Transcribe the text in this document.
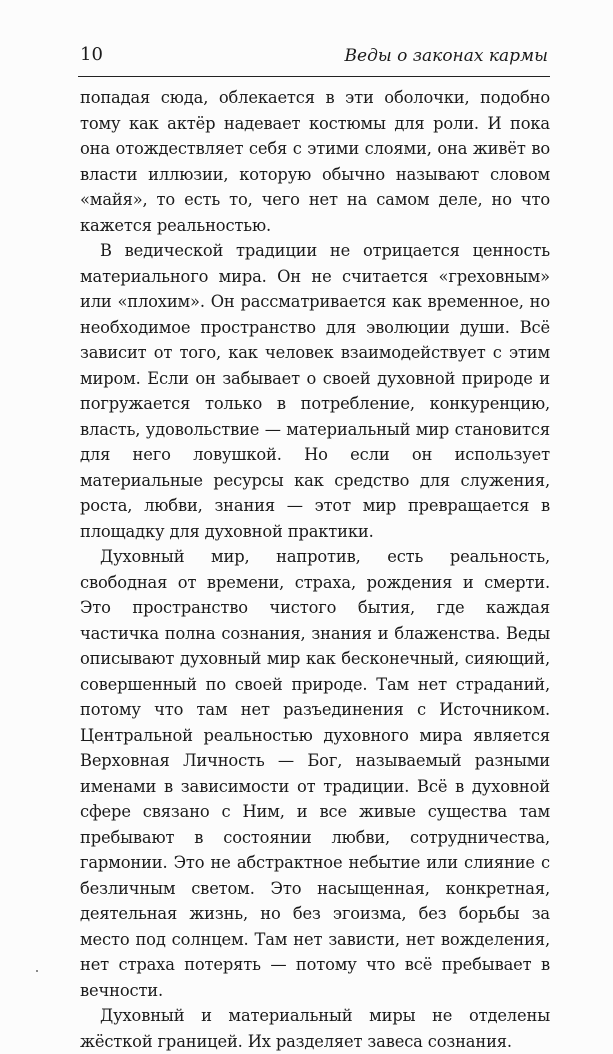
10	Веды о законах кармы

попадая сюда, облекается в эти оболочки, подобно тому как актёр надевает костюмы для роли. И пока она отождествляет себя с этими слоями, она живёт во власти иллюзии, которую обычно называют словом «майя», то есть то, чего нет на самом деле, но что кажется реальностью.

В ведической традиции не отрицается ценность материального мира. Он не считается «греховным» или «плохим». Он рассматривается как временное, но необходимое пространство для эволюции души. Всё зависит от того, как человек взаимодействует с этим миром. Если он забывает о своей духовной природе и погружается только в потребление, конкуренцию, власть, удовольствие — материальный мир становится для него ловушкой. Но если он использует материальные ресурсы как средство для служения, роста, любви, знания — этот мир превращается в площадку для духовной практики.

Духовный мир, напротив, есть реальность, свободная от времени, страха, рождения и смерти. Это пространство чистого бытия, где каждая частичка полна сознания, знания и блаженства. Веды описывают духовный мир как бесконечный, сияющий, совершенный по своей природе. Там нет страданий, потому что там нет разъединения с Источником. Центральной реальностью духовного мира является Верховная Личность — Бог, называемый разными именами в зависимости от традиции. Всё в духовной сфере связано с Ним, и все живые существа там пребывают в состоянии любви, сотрудничества, гармонии. Это не абстрактное небытие или слияние с безличным светом. Это насыщенная, конкретная, деятельная жизнь, но без эгоизма, без борьбы за место под солнцем. Там нет зависти, нет вожделения, нет страха потерять — потому что всё пребывает в вечности.

Духовный и материальный миры не отделены жёсткой границей. Их разделяет завеса сознания.
